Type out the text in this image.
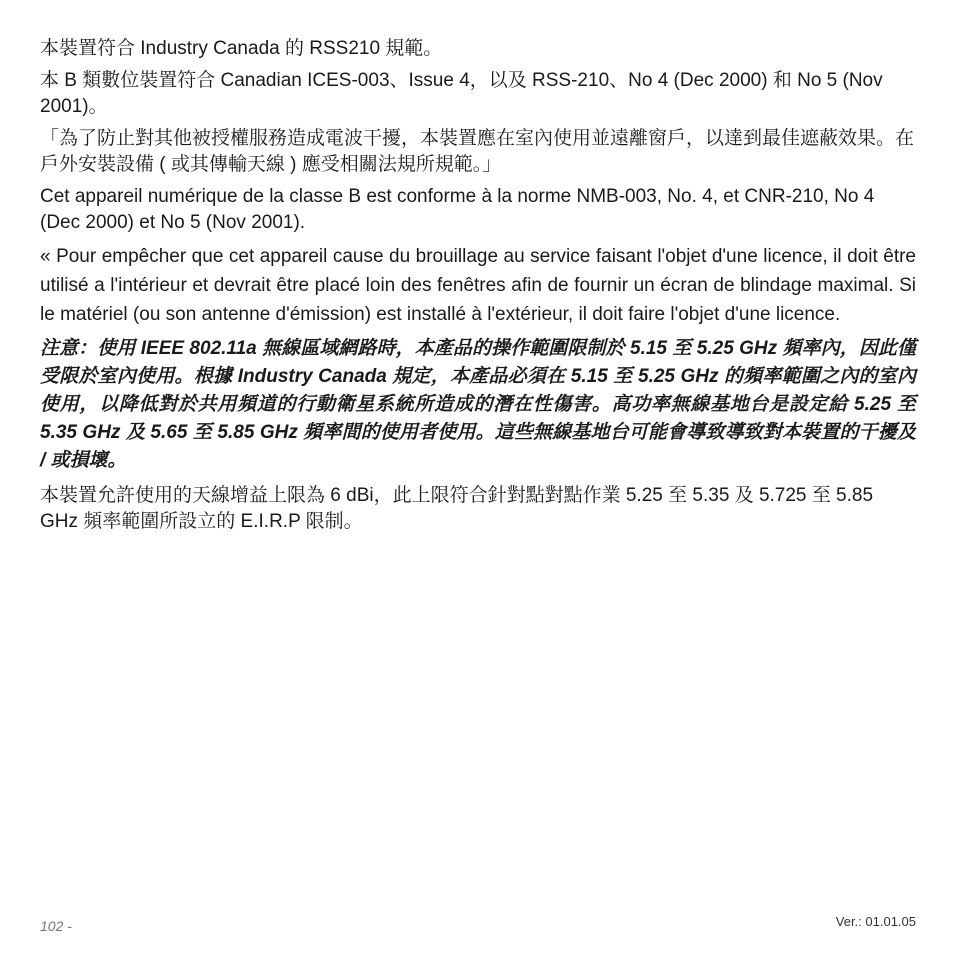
本裝置符合 Industry Canada 的 RSS210 規範。

本 B 類數位裝置符合 Canadian ICES-003、Issue 4，以及 RSS-210、No 4 (Dec 2000) 和 No 5 (Nov 2001)。

「為了防止對其他被授權服務造成電波干擾，本裝置應在室內使用並遠離窗戶，以達到最佳遮蔽效果。在戶外安裝設備 ( 或其傳輸天線 ) 應受相關法規所規範。」

Cet appareil numérique de la classe B est conforme à la norme NMB-003, No. 4, et CNR-210, No 4 (Dec 2000) et No 5 (Nov 2001).

« Pour empêcher que cet appareil cause du brouillage au service faisant l'objet d'une licence, il doit être utilisé a l'intérieur et devrait être placé loin des fenêtres afin de fournir un écran de blindage maximal. Si le matériel (ou son antenne d'émission) est installé à l'extérieur, il doit faire l'objet d'une licence.

注意：使用 IEEE 802.11a 無線區域網路時，本產品的操作範圍限制於 5.15 至 5.25 GHz 頻率內，因此僅受限於室內使用。根據 Industry Canada 規定，本產品必須在 5.15 至 5.25 GHz 的頻率範圍之內的室內使用，以降低對於共用頻道的行動衛星系統所造成的潛在性傷害。高功率無線基地台是設定給 5.25 至 5.35 GHz 及 5.65 至 5.85 GHz 頻率間的使用者使用。這些無線基地台可能會導致導致對本裝置的干擾及 / 或損壞。

本裝置允許使用的天線增益上限為 6 dBi，此上限符合針對點對點作業 5.25 至 5.35 及 5.725 至 5.85 GHz 頻率範圍所設立的 E.I.R.P 限制。

102 -	Ver.: 01.01.05
